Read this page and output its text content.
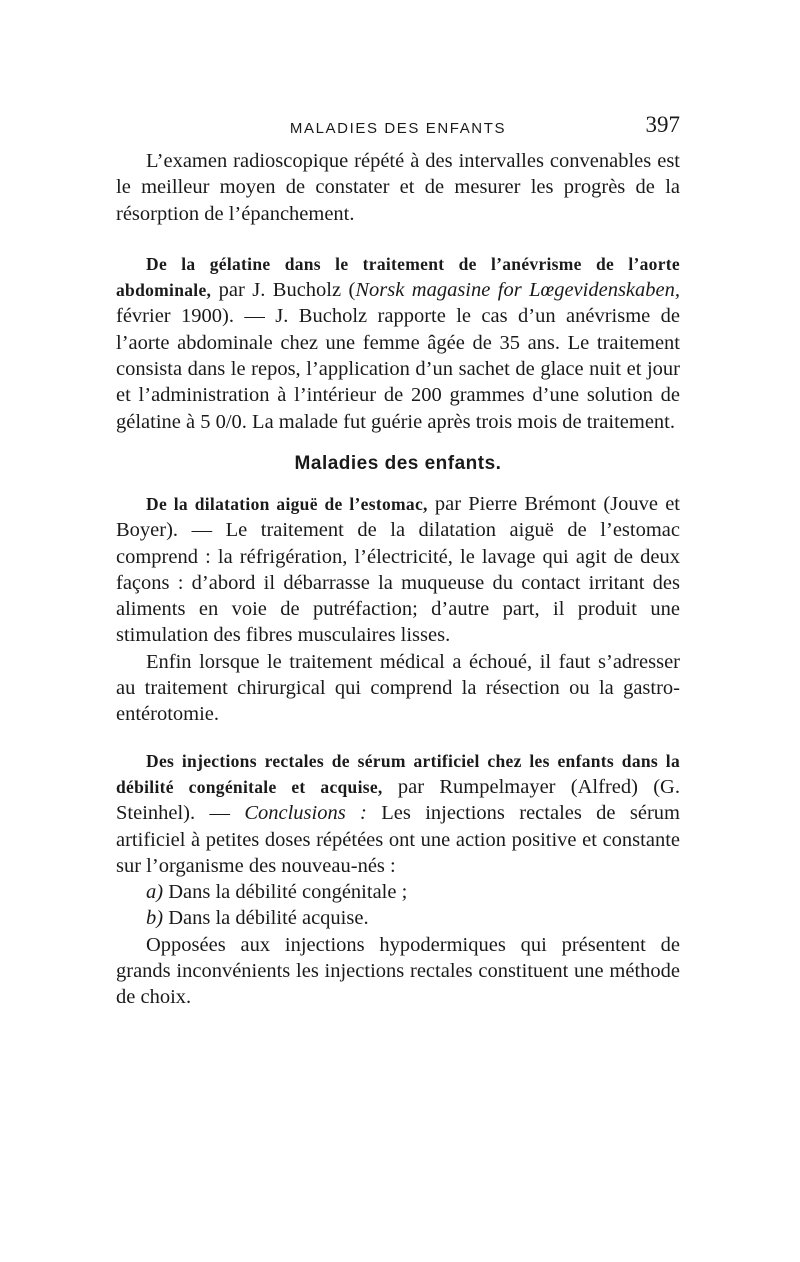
MALADIES DES ENFANTS	397

L’examen radioscopique répété à des intervalles convenables est le meilleur moyen de constater et de mesurer les progrès de la résorption de l’épanchement.

De la gélatine dans le traitement de l’anévrisme de l’aorte abdominale, par J. Bucholz (Norsk magasine for Lœgevidenskaben, février 1900). — J. Bucholz rapporte le cas d’un anévrisme de l’aorte abdominale chez une femme âgée de 35 ans. Le traitement consista dans le repos, l’application d’un sachet de glace nuit et jour et l’administration à l’intérieur de 200 grammes d’une solution de gélatine à 5 0/0. La malade fut guérie après trois mois de traitement.

Maladies des enfants.

De la dilatation aiguë de l’estomac, par Pierre Brémont (Jouve et Boyer). — Le traitement de la dilatation aiguë de l’estomac comprend : la réfrigération, l’électricité, le lavage qui agit de deux façons : d’abord il débarrasse la muqueuse du contact irritant des aliments en voie de putréfaction; d’autre part, il produit une stimulation des fibres musculaires lisses.

Enfin lorsque le traitement médical a échoué, il faut s’adresser au traitement chirurgical qui comprend la résection ou la gastro-entérotomie.

Des injections rectales de sérum artificiel chez les enfants dans la débilité congénitale et acquise, par Rumpelmayer (Alfred) (G. Steinhel). — Conclusions : Les injections rectales de sérum artificiel à petites doses répétées ont une action positive et constante sur l’organisme des nouveau-nés :

a) Dans la débilité congénitale ;

b) Dans la débilité acquise.

Opposées aux injections hypodermiques qui présentent de grands inconvénients les injections rectales constituent une méthode de choix.
